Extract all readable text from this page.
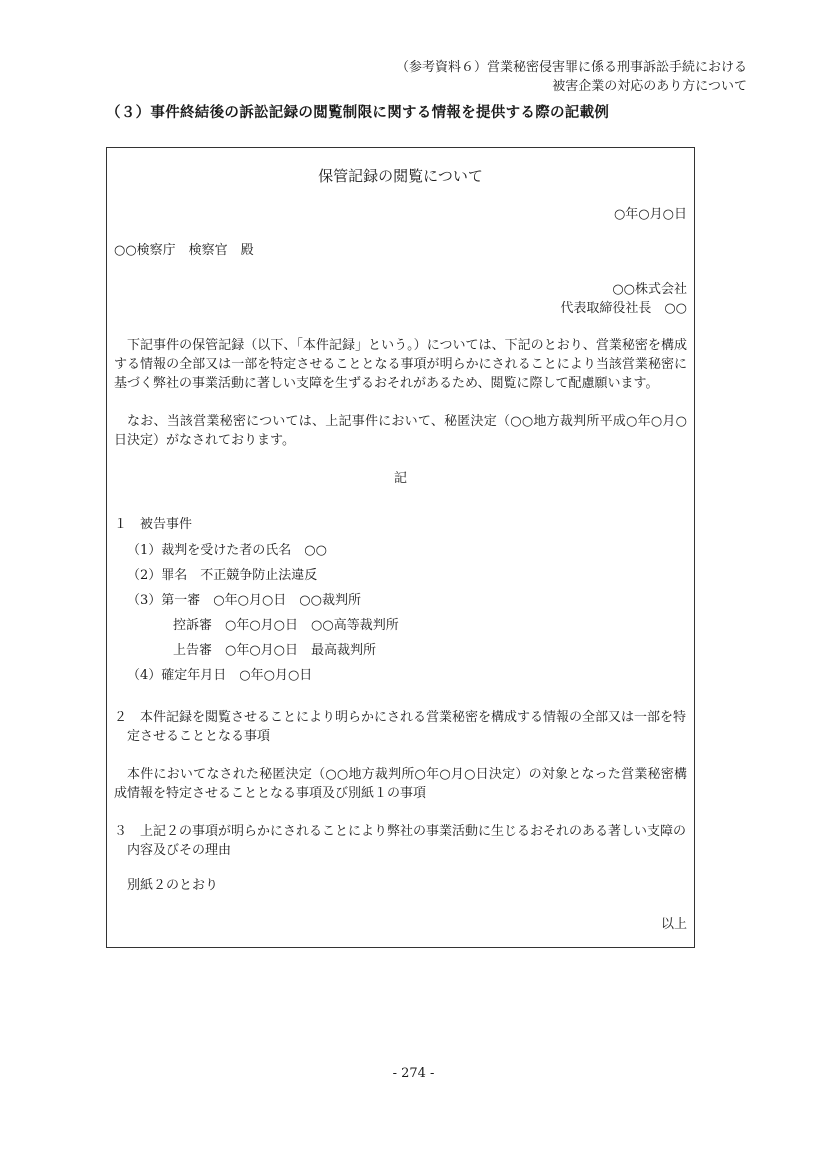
（参考資料６）営業秘密侵害罪に係る刑事訴訟手続における
被害企業の対応のあり方について
（３）事件終結後の訴訟記録の閲覧制限に関する情報を提供する際の記載例
保管記録の閲覧について
○年○月○日
○○検察庁　検察官　殿
○○株式会社
代表取締役社長　○○
下記事件の保管記録（以下、「本件記録」という。）については、下記のとおり、営業秘密を構成する情報の全部又は一部を特定させることとなる事項が明らかにされることにより当該営業秘密に基づく弊社の事業活動に著しい支障を生ずるおそれがあるため、閲覧に際して配慮願います。
なお、当該営業秘密については、上記事件において、秘匿決定（○○地方裁判所平成○年○月○日決定）がなされております。
記
１　被告事件
（1）裁判を受けた者の氏名　○○
（2）罪名　不正競争防止法違反
（3）第一審　○年○月○日　○○裁判所
控訴審　○年○月○日　○○高等裁判所
上告審　○年○月○日　最高裁判所
（4）確定年月日　○年○月○日
２　本件記録を閲覧させることにより明らかにされる営業秘密を構成する情報の全部又は一部を特定させることとなる事項
本件においてなされた秘匿決定（○○地方裁判所○年○月○日決定）の対象となった営業秘密構成情報を特定させることとなる事項及び別紙１の事項
３　上記２の事項が明らかにされることにより弊社の事業活動に生じるおそれのある著しい支障の内容及びその理由
別紙２のとおり
以上
- 274 -
